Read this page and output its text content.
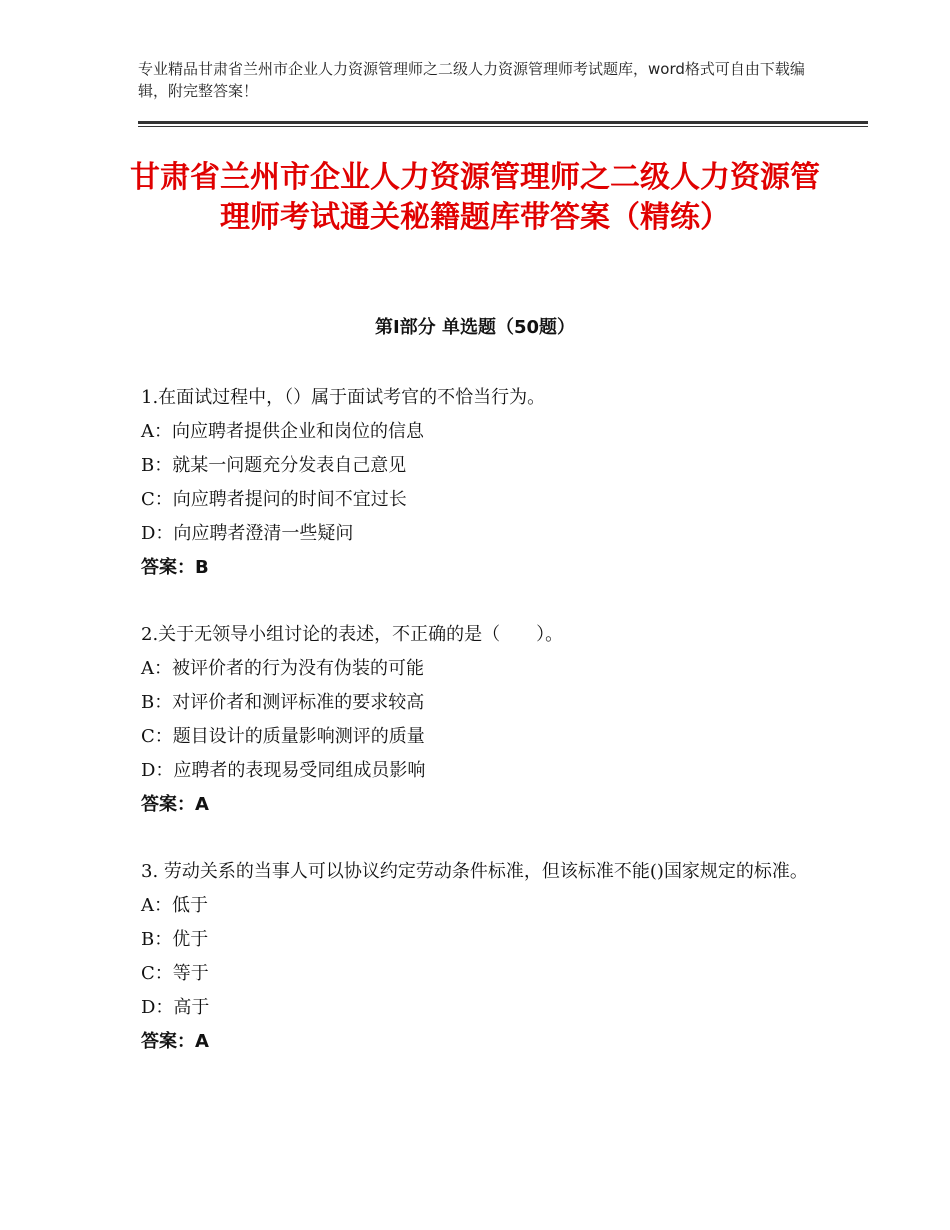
专业精品甘肃省兰州市企业人力资源管理师之二级人力资源管理师考试题库，word格式可自由下载编辑，附完整答案！

甘肃省兰州市企业人力资源管理师之二级人力资源管理师考试通关秘籍题库带答案（精练）
第Ⅰ部分 单选题（50题）

1.在面试过程中，（）属于面试考官的不恰当行为。

A：向应聘者提供企业和岗位的信息

B：就某一问题充分发表自己意见

C：向应聘者提问的时间不宜过长

D：向应聘者澄清一些疑问

答案：B

2.关于无领导小组讨论的表述，不正确的是（　　）。

A：被评价者的行为没有伪装的可能

B：对评价者和测评标准的要求较高

C：题目设计的质量影响测评的质量

D：应聘者的表现易受同组成员影响

答案：A

3. 劳动关系的当事人可以协议约定劳动条件标准，但该标准不能()国家规定的标准。

A：低于

B：优于

C：等于

D：高于

答案：A
